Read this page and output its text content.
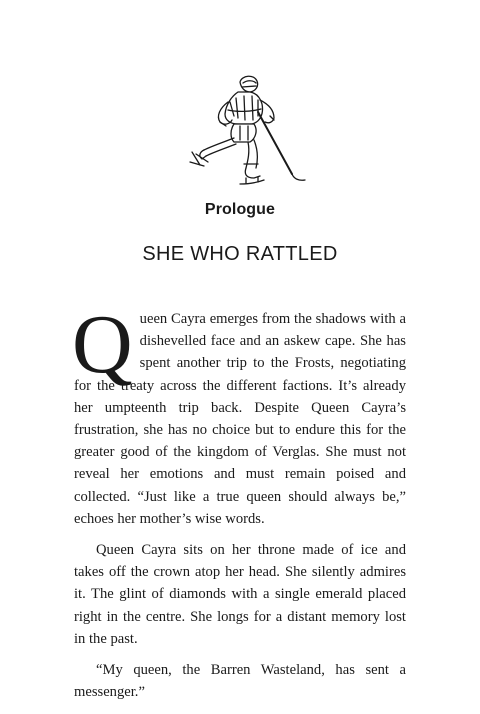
Prologue
SHE WHO RATTLED

Queen Cayra emerges from the shadows with a dishevelled face and an askew cape. She has spent another trip to the Frosts, negotiating for the treaty across the different factions. It’s already her umpteenth trip back. Despite Queen Cayra’s frustration, she has no choice but to endure this for the greater good of the kingdom of Verglas. She must not reveal her emotions and must remain poised and collected. “Just like a true queen should always be,” echoes her mother’s wise words.

Queen Cayra sits on her throne made of ice and takes off the crown atop her head. She silently admires it. The glint of diamonds with a single emerald placed right in the centre. She longs for a distant memory lost in the past.

“My queen, the Barren Wasteland, has sent a messenger.”
